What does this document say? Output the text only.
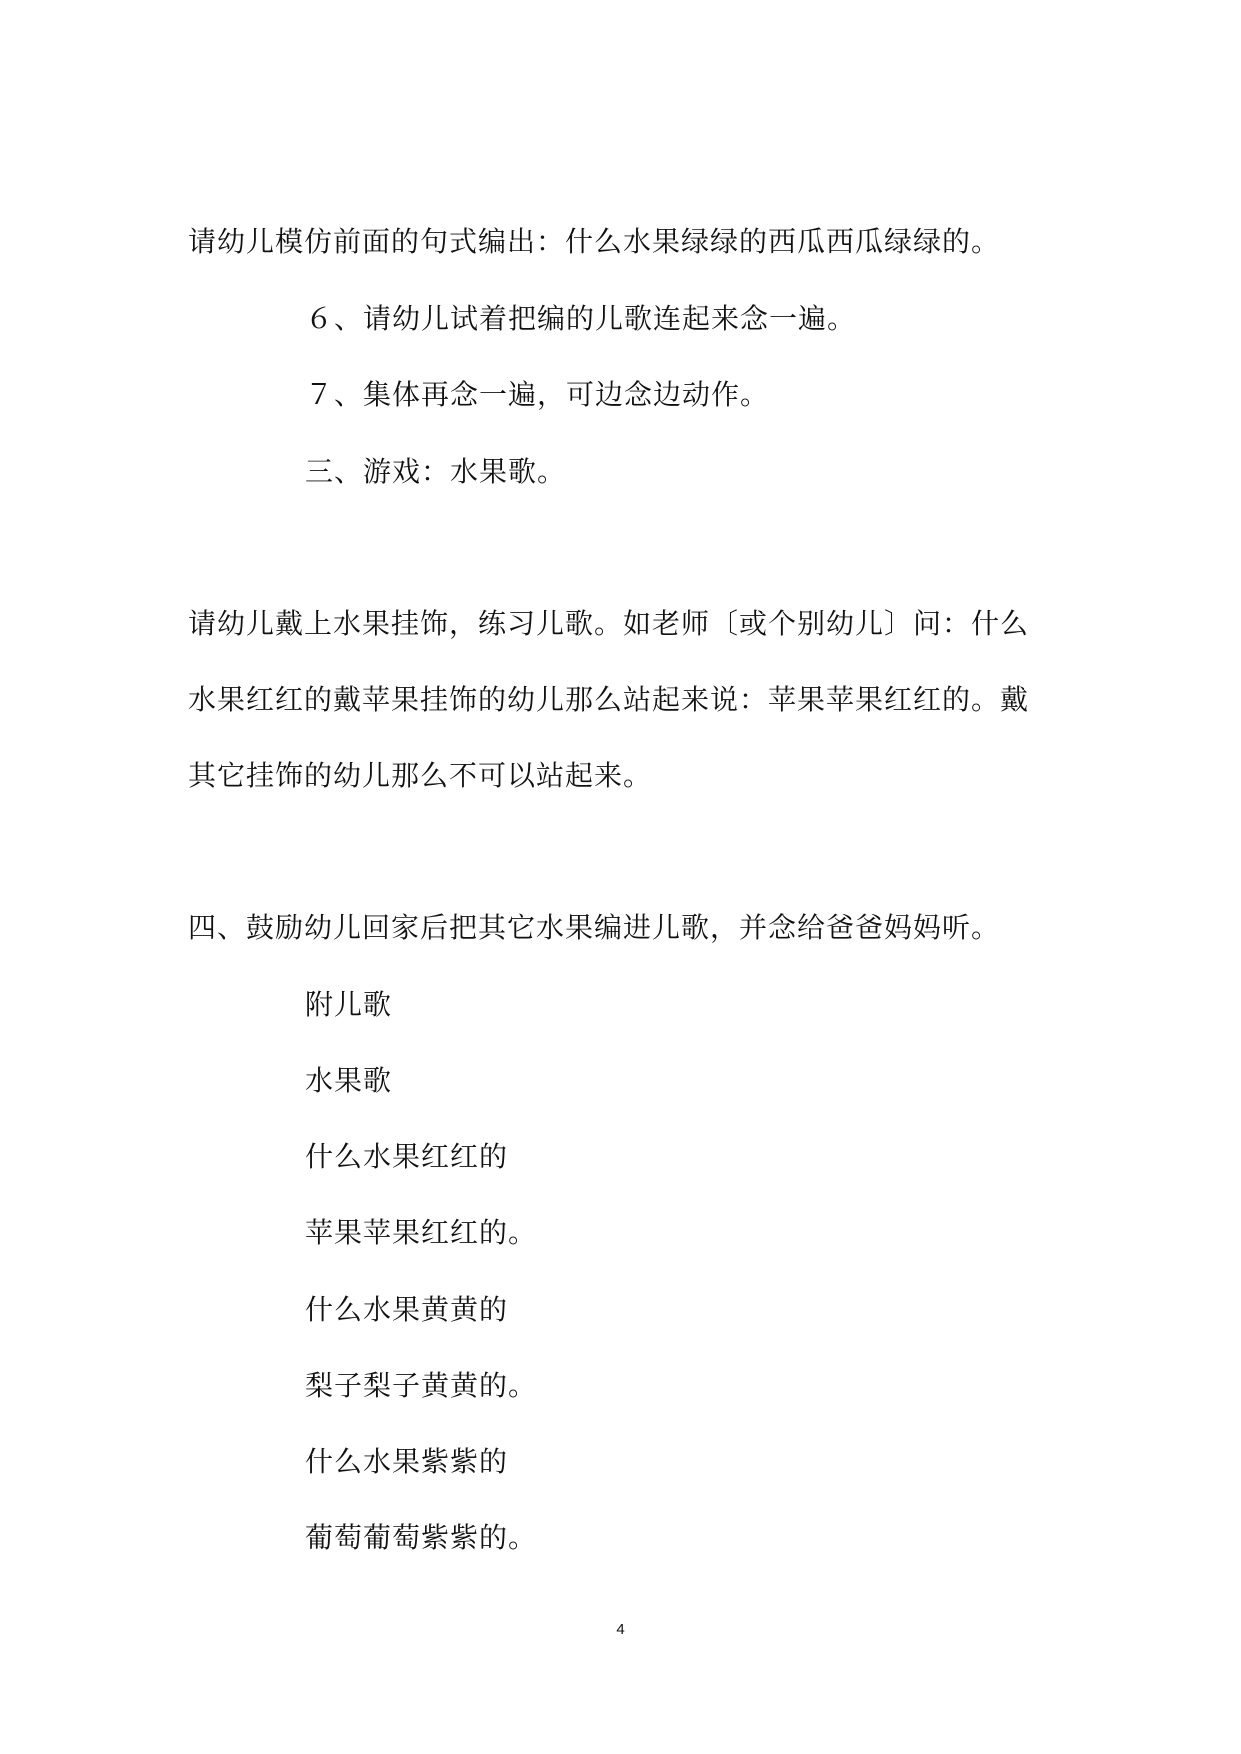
请幼儿模仿前面的句式编出：什么水果绿绿的西瓜西瓜绿绿的。
６、请幼儿试着把编的儿歌连起来念一遍。
７、集体再念一遍，可边念边动作。
三、游戏：水果歌。
请幼儿戴上水果挂饰，练习儿歌。如老师〔或个别幼儿〕问：什么
水果红红的戴苹果挂饰的幼儿那么站起来说：苹果苹果红红的。戴
其它挂饰的幼儿那么不可以站起来。
四、鼓励幼儿回家后把其它水果编进儿歌，并念给爸爸妈妈听。
附儿歌
水果歌
什么水果红红的
苹果苹果红红的。
什么水果黄黄的
梨子梨子黄黄的。
什么水果紫紫的
葡萄葡萄紫紫的。
4
